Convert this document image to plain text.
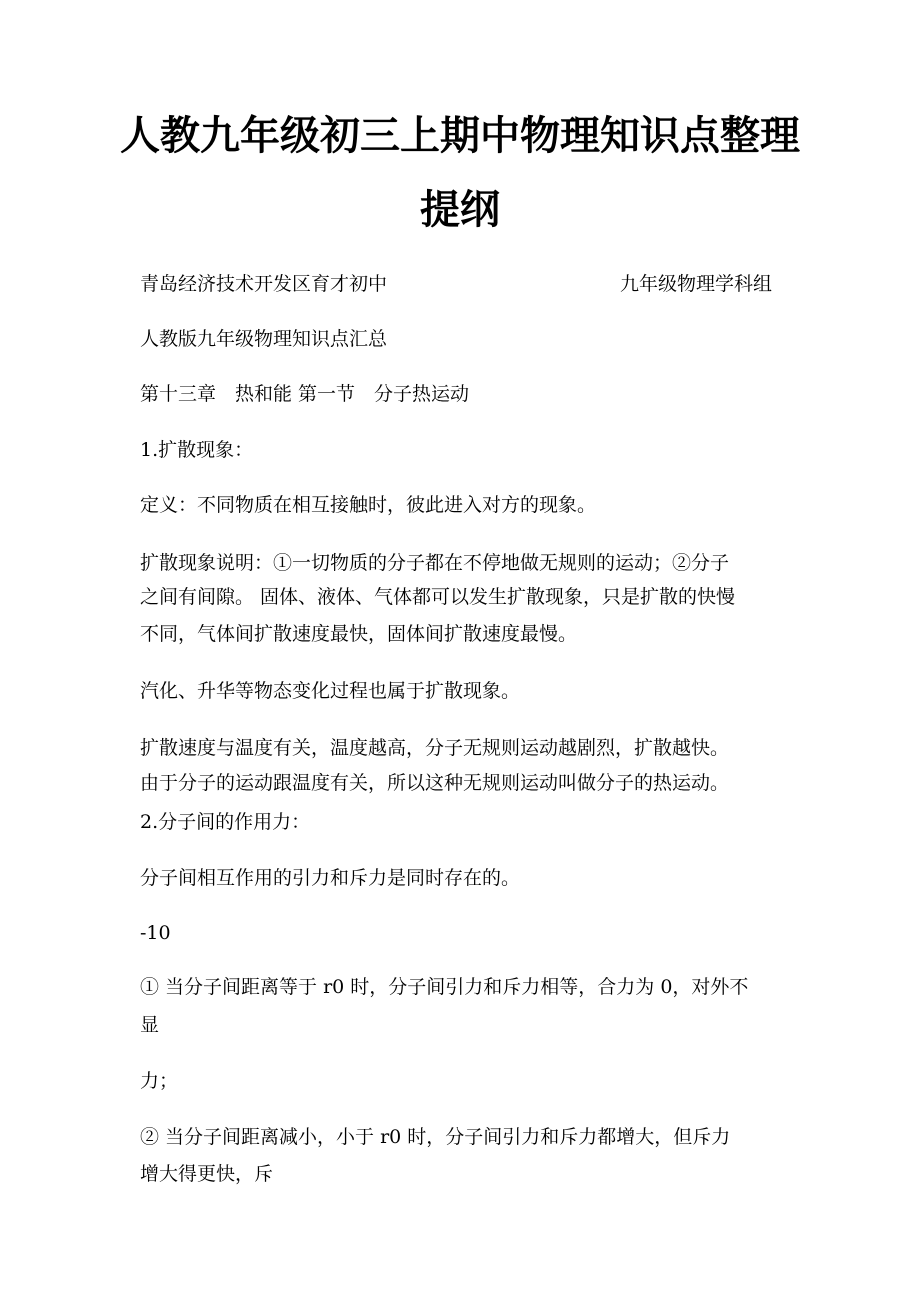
人教九年级初三上期中物理知识点整理
提纲

青岛经济技术开发区育才初中	九年级物理学科组

人教版九年级物理知识点汇总

第十三章　热和能 第一节　分子热运动

1.扩散现象：

定义：不同物质在相互接触时，彼此进入对方的现象。

扩散现象说明：①一切物质的分子都在不停地做无规则的运动；②分子

之间有间隙。 固体、液体、气体都可以发生扩散现象，只是扩散的快慢

不同，气体间扩散速度最快，固体间扩散速度最慢。

汽化、升华等物态变化过程也属于扩散现象。

扩散速度与温度有关，温度越高，分子无规则运动越剧烈，扩散越快。

由于分子的运动跟温度有关，所以这种无规则运动叫做分子的热运动。

2.分子间的作用力：

分子间相互作用的引力和斥力是同时存在的。

-10

① 当分子间距离等于 r0 时，分子间引力和斥力相等，合力为 0，对外不

显

力；

② 当分子间距离减小，小于 r0 时，分子间引力和斥力都增大，但斥力

增大得更快，斥
